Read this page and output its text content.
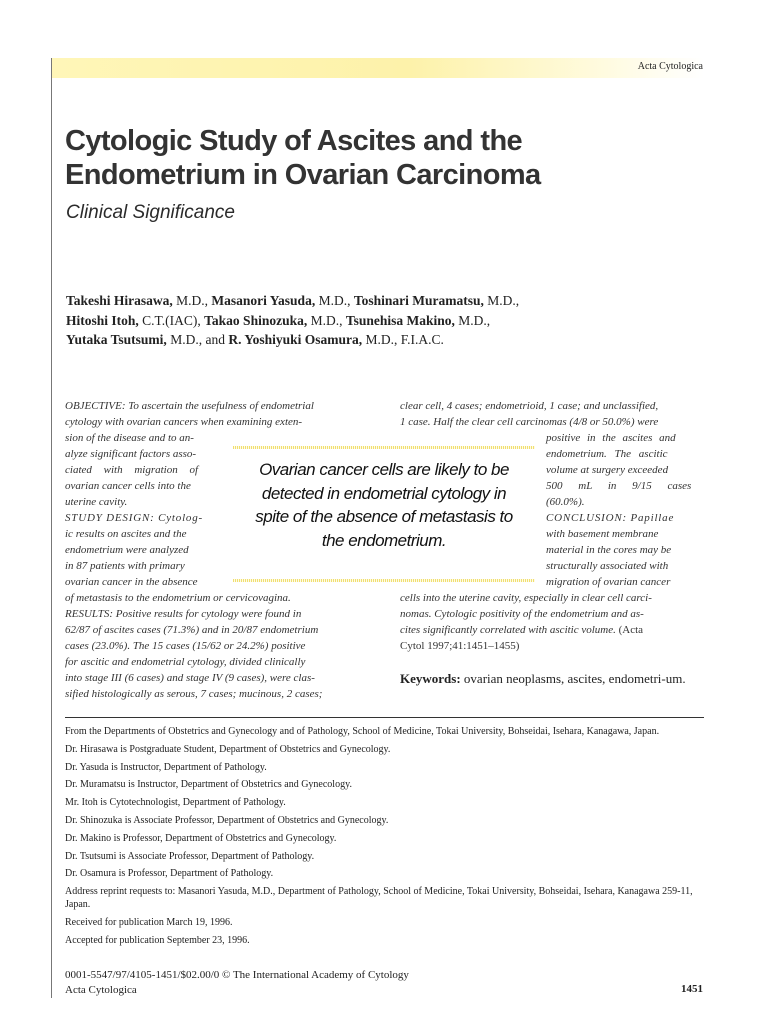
Acta Cytologica
Cytologic Study of Ascites and the
Endometrium in Ovarian Carcinoma
Clinical Significance
Takeshi Hirasawa, M.D., Masanori Yasuda, M.D., Toshinari Muramatsu, M.D.,
Hitoshi Itoh, C.T.(IAC), Takao Shinozuka, M.D., Tsunehisa Makino, M.D.,
Yutaka Tsutsumi, M.D., and R. Yoshiyuki Osamura, M.D., F.I.A.C.
OBJECTIVE: To ascertain the usefulness of endometrial
cytology with ovarian cancers when examining exten-
sion of the disease and to an-
alyze significant factors asso-
ciated with migration of
ovarian cancer cells into the
uterine cavity.
STUDY DESIGN: Cytolog-
ic results on ascites and the
endometrium were analyzed
in 87 patients with primary
ovarian cancer in the absence
of metastasis to the endometrium or cervicovagina.
RESULTS: Positive results for cytology were found in
62/87 of ascites cases (71.3%) and in 20/87 endometrium
cases (23.0%). The 15 cases (15/62 or 24.2%) positive
for ascitic and endometrial cytology, divided clinically
into stage III (6 cases) and stage IV (9 cases), were clas-
sified histologically as serous, 7 cases; mucinous, 2 cases;
clear cell, 4 cases; endometrioid, 1 case; and unclassified,
1 case. Half the clear cell carcinomas (4/8 or 50.0%) were
positive in the ascites and
endometrium. The ascitic
volume at surgery exceeded
500 mL in 9/15 cases
(60.0%).
CONCLUSION: Papillae
with basement membrane
material in the cores may be
structurally associated with
migration of ovarian cancer
cells into the uterine cavity, especially in clear cell carci-
nomas. Cytologic positivity of the endometrium and as-
cites significantly correlated with ascitic volume. (Acta
Cytol 1997;41:1451–1455)
Ovarian cancer cells are likely to be
detected in endometrial cytology in
spite of the absence of metastasis to
the endometrium.
Keywords: ovarian neoplasms, ascites, endometri-um.

From the Departments of Obstetrics and Gynecology and of Pathology, School of Medicine, Tokai University, Bohseidai, Isehara, Kanagawa, Japan.

Dr. Hirasawa is Postgraduate Student, Department of Obstetrics and Gynecology.

Dr. Yasuda is Instructor, Department of Pathology.

Dr. Muramatsu is Instructor, Department of Obstetrics and Gynecology.

Mr. Itoh is Cytotechnologist, Department of Pathology.

Dr. Shinozuka is Associate Professor, Department of Obstetrics and Gynecology.

Dr. Makino is Professor, Department of Obstetrics and Gynecology.

Dr. Tsutsumi is Associate Professor, Department of Pathology.

Dr. Osamura is Professor, Department of Pathology.

Address reprint requests to: Masanori Yasuda, M.D., Department of Pathology, School of Medicine, Tokai University, Bohseidai, Isehara, Kanagawa 259-11, Japan.

Received for publication March 19, 1996.

Accepted for publication September 23, 1996.

0001-5547/97/4105-1451/$02.00/0 © The International Academy of Cytology
Acta Cytologica	1451
